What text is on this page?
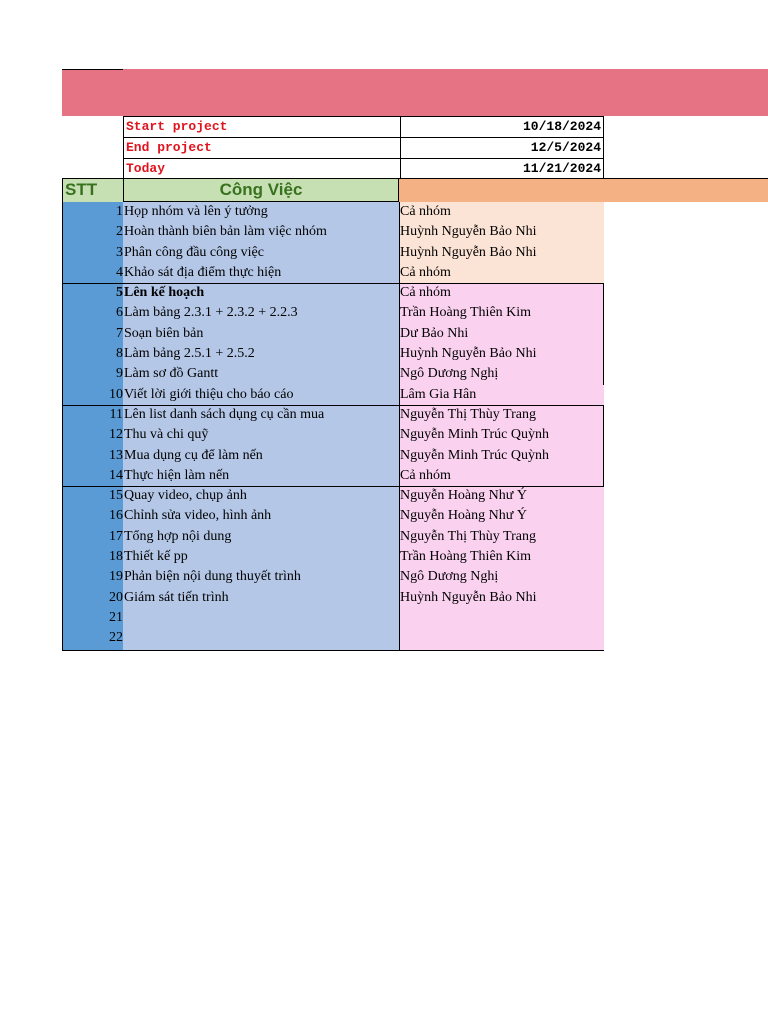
Start project	10/18/2024
End project	12/5/2024
Today	11/21/2024
STT	Công Việc
1 Họp nhóm và lên ý tưởng	Cả nhóm
2 Hoàn thành biên bản làm việc nhóm	Huỳnh Nguyễn Bảo Nhi
3 Phân công đầu công việc	Huỳnh Nguyễn Bảo Nhi
4 Khảo sát địa điểm thực hiện	Cả nhóm
5 Lên kế hoạch	Cả nhóm
6 Làm bảng 2.3.1 + 2.3.2 + 2.2.3	Trần Hoàng Thiên Kim
7 Soạn biên bản	Dư Bảo Nhi
8 Làm bảng 2.5.1 + 2.5.2	Huỳnh Nguyễn Bảo Nhi
9 Làm sơ đồ Gantt	Ngô Dương Nghị
10 Viết lời giới thiệu cho báo cáo	Lâm Gia Hân
11 Lên list danh sách dụng cụ cần mua	Nguyễn Thị Thùy Trang
12 Thu và chi quỹ	Nguyễn Minh Trúc Quỳnh
13 Mua dụng cụ để làm nến	Nguyễn Minh Trúc Quỳnh
14 Thực hiện làm nến	Cả nhóm
15 Quay video, chụp ảnh	Nguyễn Hoàng Như Ý
16 Chỉnh sửa video, hình ảnh	Nguyễn Hoàng Như Ý
17 Tổng hợp nội dung	Nguyễn Thị Thùy Trang
18 Thiết kế pp	Trần Hoàng Thiên Kim
19 Phản biện nội dung thuyết trình	Ngô Dương Nghị
20 Giám sát tiến trình	Huỳnh Nguyễn Bảo Nhi
21
22
